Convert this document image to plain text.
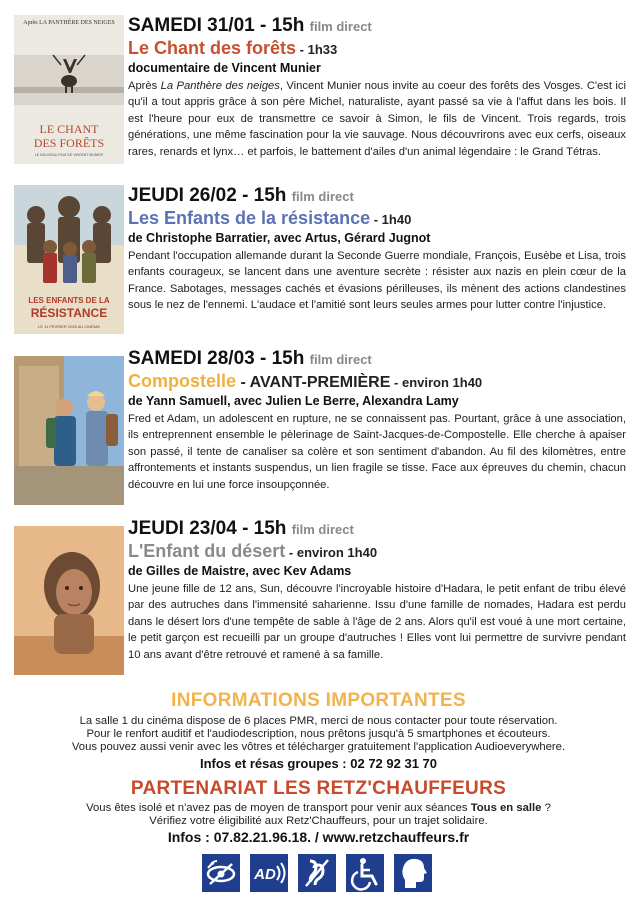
Après LA PANTHÈRE DES NEIGES
LE CHANT
DES FORÊTS
LE NOUVEAU FILM DE VINCENT MUNIER
SAMEDI 31/01 - 15h film direct
Le Chant des forêts - 1h33
documentaire de Vincent Munier
Après La Panthère des neiges, Vincent Munier nous invite au coeur des forêts des Vosges. C'est ici qu'il a tout appris grâce à son père Michel, naturaliste, ayant passé sa vie à l'affut dans les bois. Il est l'heure pour eux de transmettre ce savoir à Simon, le fils de Vincent. Trois regards, trois générations, une même fascination pour la vie sauvage. Nous découvrirons avec eux cerfs, oiseaux rares, renards et lynx… et parfois, le battement d'ailes d'un animal légendaire : le Grand Tétras.
LES ENFANTS DE LA
RÉSISTANCE
LE 11 FÉVRIER 2026 AU CINÉMA
JEUDI 26/02 - 15h film direct
Les Enfants de la résistance - 1h40
de Christophe Barratier, avec Artus, Gérard Jugnot
Pendant l'occupation allemande durant la Seconde Guerre mondiale, François, Eusèbe et Lisa, trois enfants courageux, se lancent dans une aventure secrète : résister aux nazis en plein cœur de la France. Sabotages, messages cachés et évasions périlleuses, ils mènent des actions clandestines sous le nez de l'ennemi. L'audace et l'amitié sont leurs seules armes pour lutter contre l'injustice.
SAMEDI 28/03 - 15h film direct
Compostelle - AVANT-PREMIÈRE - environ 1h40
de Yann Samuell, avec Julien Le Berre, Alexandra Lamy
Fred et Adam, un adolescent en rupture, ne se connaissent pas. Pourtant, grâce à une association, ils entreprennent ensemble le pèlerinage de Saint-Jacques-de-Compostelle. Elle cherche à apaiser son passé, il tente de canaliser sa colère et son sentiment d'abandon. Au fil des kilomètres, entre affrontements et instants suspendus, un lien fragile se tisse. Face aux épreuves du chemin, chacun découvre en lui une force insoupçonnée.
JEUDI 23/04 - 15h film direct
L'Enfant du désert - environ 1h40
de Gilles de Maistre, avec Kev Adams
Une jeune fille de 12 ans, Sun, découvre l'incroyable histoire d'Hadara, le petit enfant de tribu élevé par des autruches dans l'immensité saharienne. Issu d'une famille de nomades, Hadara est perdu dans le désert lors d'une tempête de sable à l'âge de 2 ans. Alors qu'il est voué à une mort certaine, le petit garçon est recueilli par un groupe d'autruches ! Elles vont lui permettre de survivre pendant 10 ans avant d'être retrouvé et ramené à sa famille.
INFORMATIONS IMPORTANTES
La salle 1 du cinéma dispose de 6 places PMR, merci de nous contacter pour toute réservation.
Pour le renfort auditif et l'audiodescription, nous prêtons jusqu'à 5 smartphones et écouteurs.
Vous pouvez aussi venir avec les vôtres et télécharger gratuitement l'application Audioeverywhere.
Infos et résas groupes : 02 72 92 31 70
PARTENARIAT LES RETZ'CHAUFFEURS
Vous êtes isolé et n'avez pas de moyen de transport pour venir aux séances Tous en salle ?
Vérifiez votre éligibilité aux Retz'Chauffeurs, pour un trajet solidaire.
Infos : 07.82.21.96.18. / www.retzchauffeurs.fr
AD
